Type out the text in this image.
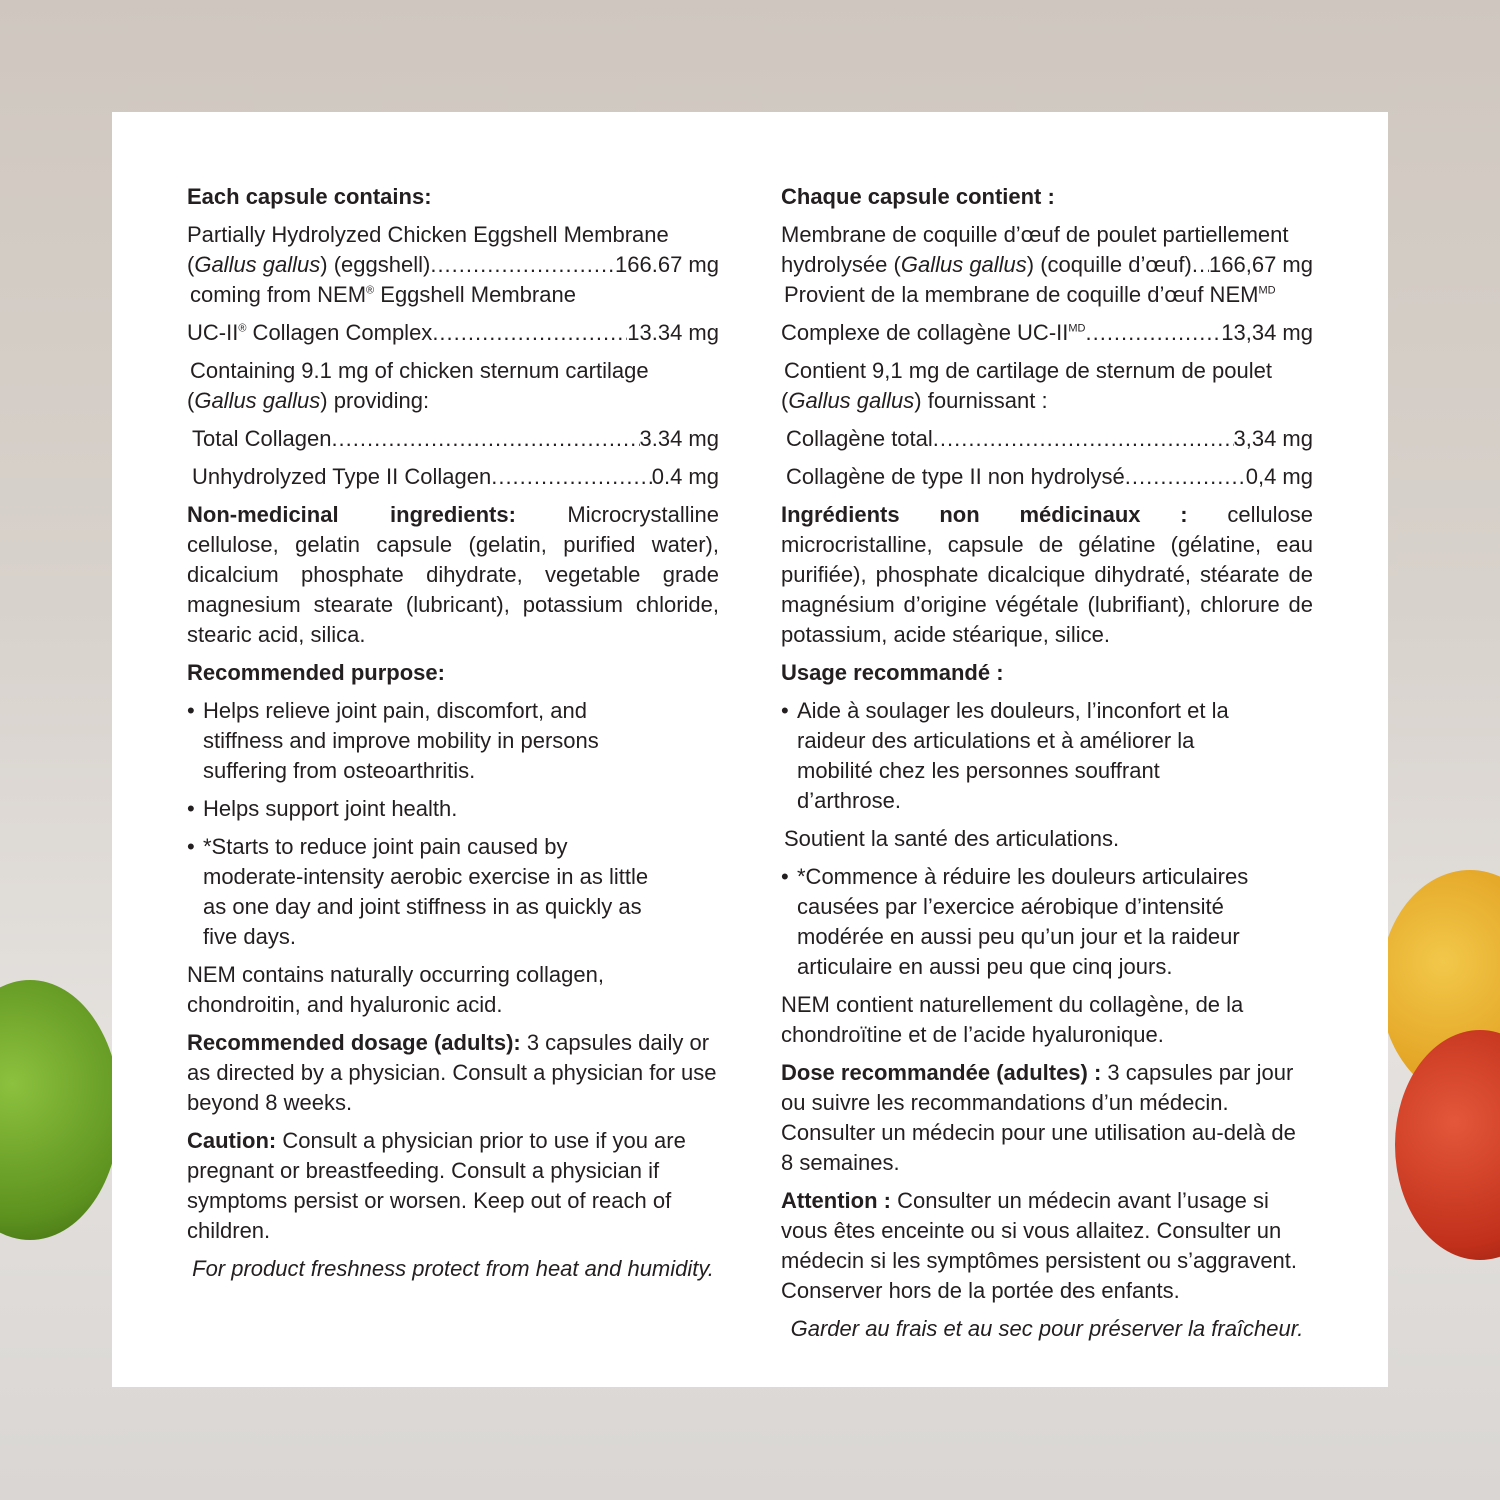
Each capsule contains:
Partially Hydrolyzed Chicken Eggshell Membrane
(Gallus gallus) (eggshell) .....	166.67 mg
coming from NEM® Eggshell Membrane
UC-II® Collagen Complex .....	13.34 mg
Containing 9.1 mg of chicken sternum cartilage
(Gallus gallus) providing:
Total Collagen .....	3.34 mg
Unhydrolyzed Type II Collagen .....	0.4 mg
Non-medicinal ingredients: Microcrystalline cellulose, gelatin capsule (gelatin, purified water), dicalcium phosphate dihydrate, vegetable grade magnesium stearate (lubricant), potassium chloride, stearic acid, silica.
Recommended purpose:
• Helps relieve joint pain, discomfort, and stiffness and improve mobility in persons suffering from osteoarthritis.
• Helps support joint health.
• *Starts to reduce joint pain caused by moderate-intensity aerobic exercise in as little as one day and joint stiffness in as quickly as five days.
NEM contains naturally occurring collagen, chondroitin, and hyaluronic acid.
Recommended dosage (adults): 3 capsules daily or as directed by a physician. Consult a physician for use beyond 8 weeks.
Caution: Consult a physician prior to use if you are pregnant or breastfeeding. Consult a physician if symptoms persist or worsen. Keep out of reach of children.
For product freshness protect from heat and humidity.
Chaque capsule contient :
Membrane de coquille d’œuf de poulet partiellement
hydrolysée (Gallus gallus) (coquille d’œuf) ..... 166,67 mg
Provient de la membrane de coquille d’œuf $NEM^{MD}$
Complexe de collagène $UC-II^{MD}$ .....	13,34 mg
Contient 9,1 mg de cartilage de sternum de poulet
(Gallus gallus) fournissant :
Collagène total .....	3,34 mg
Collagène de type II non hydrolysé .....	0,4 mg
Ingrédients non médicinaux : cellulose microcristalline, capsule de gélatine (gélatine, eau purifiée), phosphate dicalcique dihydraté, stéarate de magnésium d’origine végétale (lubrifiant), chlorure de potassium, acide stéarique, silice.
Usage recommandé :
• Aide à soulager les douleurs, l’inconfort et la raideur des articulations et à améliorer la mobilité chez les personnes souffrant d’arthrose.
Soutient la santé des articulations.
• *Commence à réduire les douleurs articulaires causées par l’exercice aérobique d’intensité modérée en aussi peu qu’un jour et la raideur articulaire en aussi peu que cinq jours.
NEM contient naturellement du collagène, de la chondroïtine et de l’acide hyaluronique.
Dose recommandée (adultes) : 3 capsules par jour ou suivre les recommandations d’un médecin. Consulter un médecin pour une utilisation au-delà de 8 semaines.
Attention : Consulter un médecin avant l’usage si vous êtes enceinte ou si vous allaitez. Consulter un médecin si les symptômes persistent ou s’aggravent. Conserver hors de la portée des enfants.
Garder au frais et au sec pour préserver la fraîcheur.
